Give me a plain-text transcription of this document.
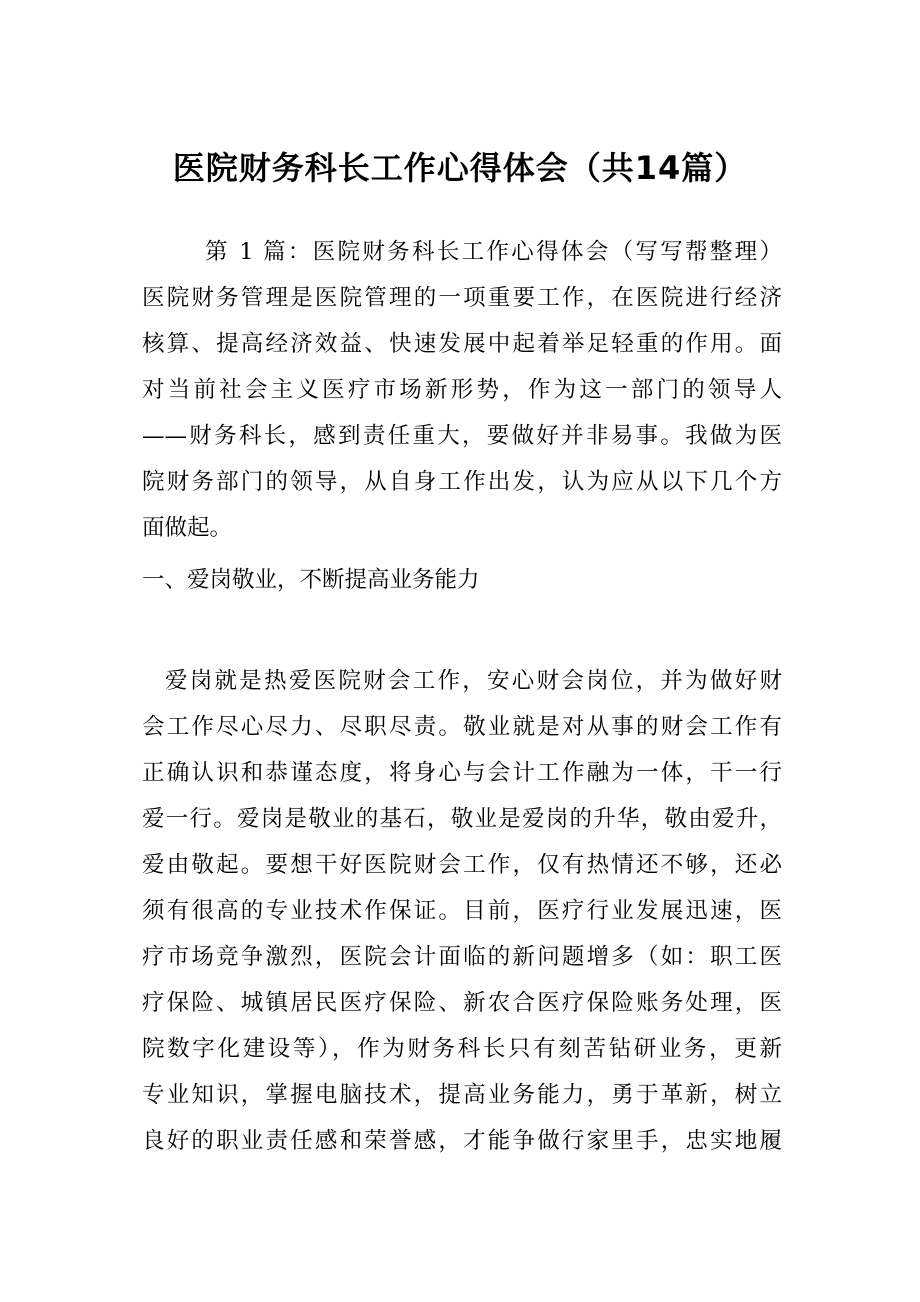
医院财务科长工作心得体会（共14篇）

第 1 篇：医院财务科长工作心得体会（写写帮整理）

医院财务管理是医院管理的一项重要工作，在医院进行经济

核算、提高经济效益、快速发展中起着举足轻重的作用。面

对当前社会主义医疗市场新形势，作为这一部门的领导人

——财务科长，感到责任重大，要做好并非易事。我做为医

院财务部门的领导，从自身工作出发，认为应从以下几个方

面做起。

一、爱岗敬业，不断提高业务能力

爱岗就是热爱医院财会工作，安心财会岗位，并为做好财

会工作尽心尽力、尽职尽责。敬业就是对从事的财会工作有

正确认识和恭谨态度，将身心与会计工作融为一体，干一行

爱一行。爱岗是敬业的基石，敬业是爱岗的升华，敬由爱升，

爱由敬起。要想干好医院财会工作，仅有热情还不够，还必

须有很高的专业技术作保证。目前，医疗行业发展迅速，医

疗市场竞争激烈，医院会计面临的新问题增多（如：职工医

疗保险、城镇居民医疗保险、新农合医疗保险账务处理，医

院数字化建设等），作为财务科长只有刻苦钻研业务，更新

专业知识，掌握电脑技术，提高业务能力，勇于革新，树立

良好的职业责任感和荣誉感，才能争做行家里手，忠实地履
